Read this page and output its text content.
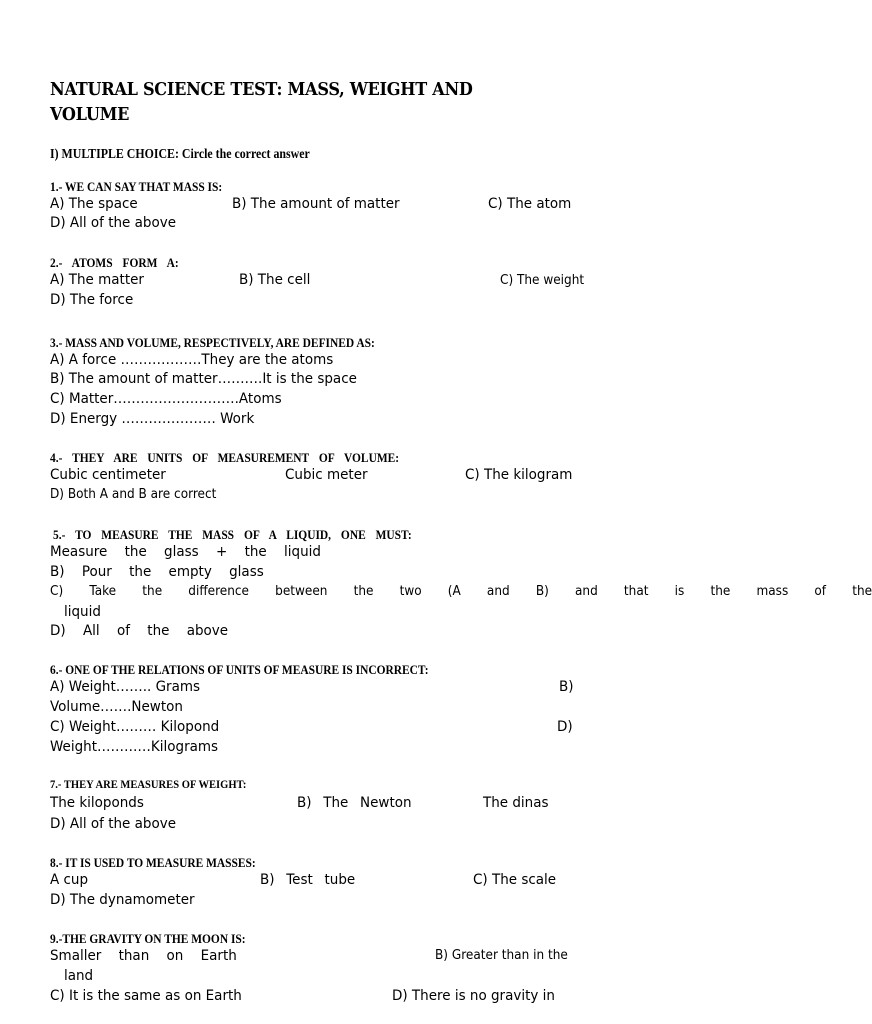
NATURAL SCIENCE TEST: MASS, WEIGHT AND
VOLUME
I) MULTIPLE CHOICE: Circle the correct answer
1.- WE CAN SAY THAT MASS IS:
A) The space	B) The amount of matter	C) The atom
D) All of the above
2.- ATOMS FORM A:
A) The matter	B) The cell	C) The weight
D) The force
3.- MASS AND VOLUME, RESPECTIVELY, ARE DEFINED AS:
A) A force ………………They are the atoms
B) The amount of matter……….It is the space
C) Matter……………………….Atoms
D) Energy ………………… Work
4.- THEY ARE UNITS OF MEASUREMENT OF VOLUME:
Cubic centimeter	Cubic meter	C) The kilogram
D) Both A and B are correct
5.- TO MEASURE THE MASS OF A LIQUID, ONE MUST:
Measure the glass + the liquid
B) Pour the empty glass
C) Take the difference between the two (A and B) and that is the mass of the
liquid
D) All of the above
6.- ONE OF THE RELATIONS OF UNITS OF MEASURE IS INCORRECT:
A) Weight…….. Grams	B)
Volume…….Newton
C) Weight……… Kilopond	D)
Weight…………Kilograms
7.- THEY ARE MEASURES OF WEIGHT:
The kiloponds	B) The Newton	The dinas
D) All of the above
8.- IT IS USED TO MEASURE MASSES:
A cup	B) Test tube	C) The scale
D) The dynamometer
9.-THE GRAVITY ON THE MOON IS:
Smaller than on Earth	B) Greater than in the
land
C) It is the same as on Earth	D) There is no gravity in
